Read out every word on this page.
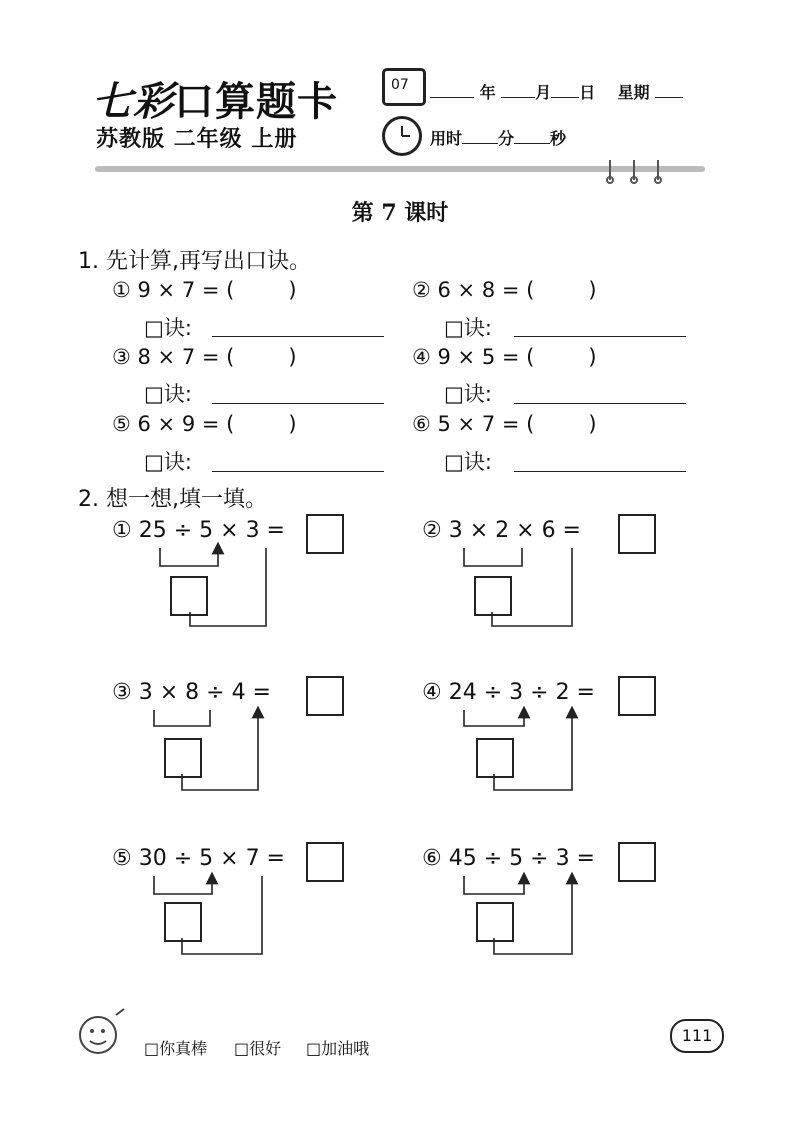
七彩口算题卡
苏教版 二年级 上册
07	年 月 日 星期
用时 分 秒
第 7 课时
1. 先计算,再写出口诀。
① 9 × 7 = (	)
□诀:
② 6 × 8 = (	)
□诀:
③ 8 × 7 = (	)
□诀:
④ 9 × 5 = (	)
□诀:
⑤ 6 × 9 = (	)
□诀:
⑥ 5 × 7 = (	)
□诀:
2. 想一想,填一填。
① 25 ÷ 5 × 3 =	② 3 × 2 × 6 =
③ 3 × 8 ÷ 4 =	④ 24 ÷ 3 ÷ 2 =
⑤ 30 ÷ 5 × 7 =	⑥ 45 ÷ 5 ÷ 3 =
□你真棒 □很好 □加油哦
111
